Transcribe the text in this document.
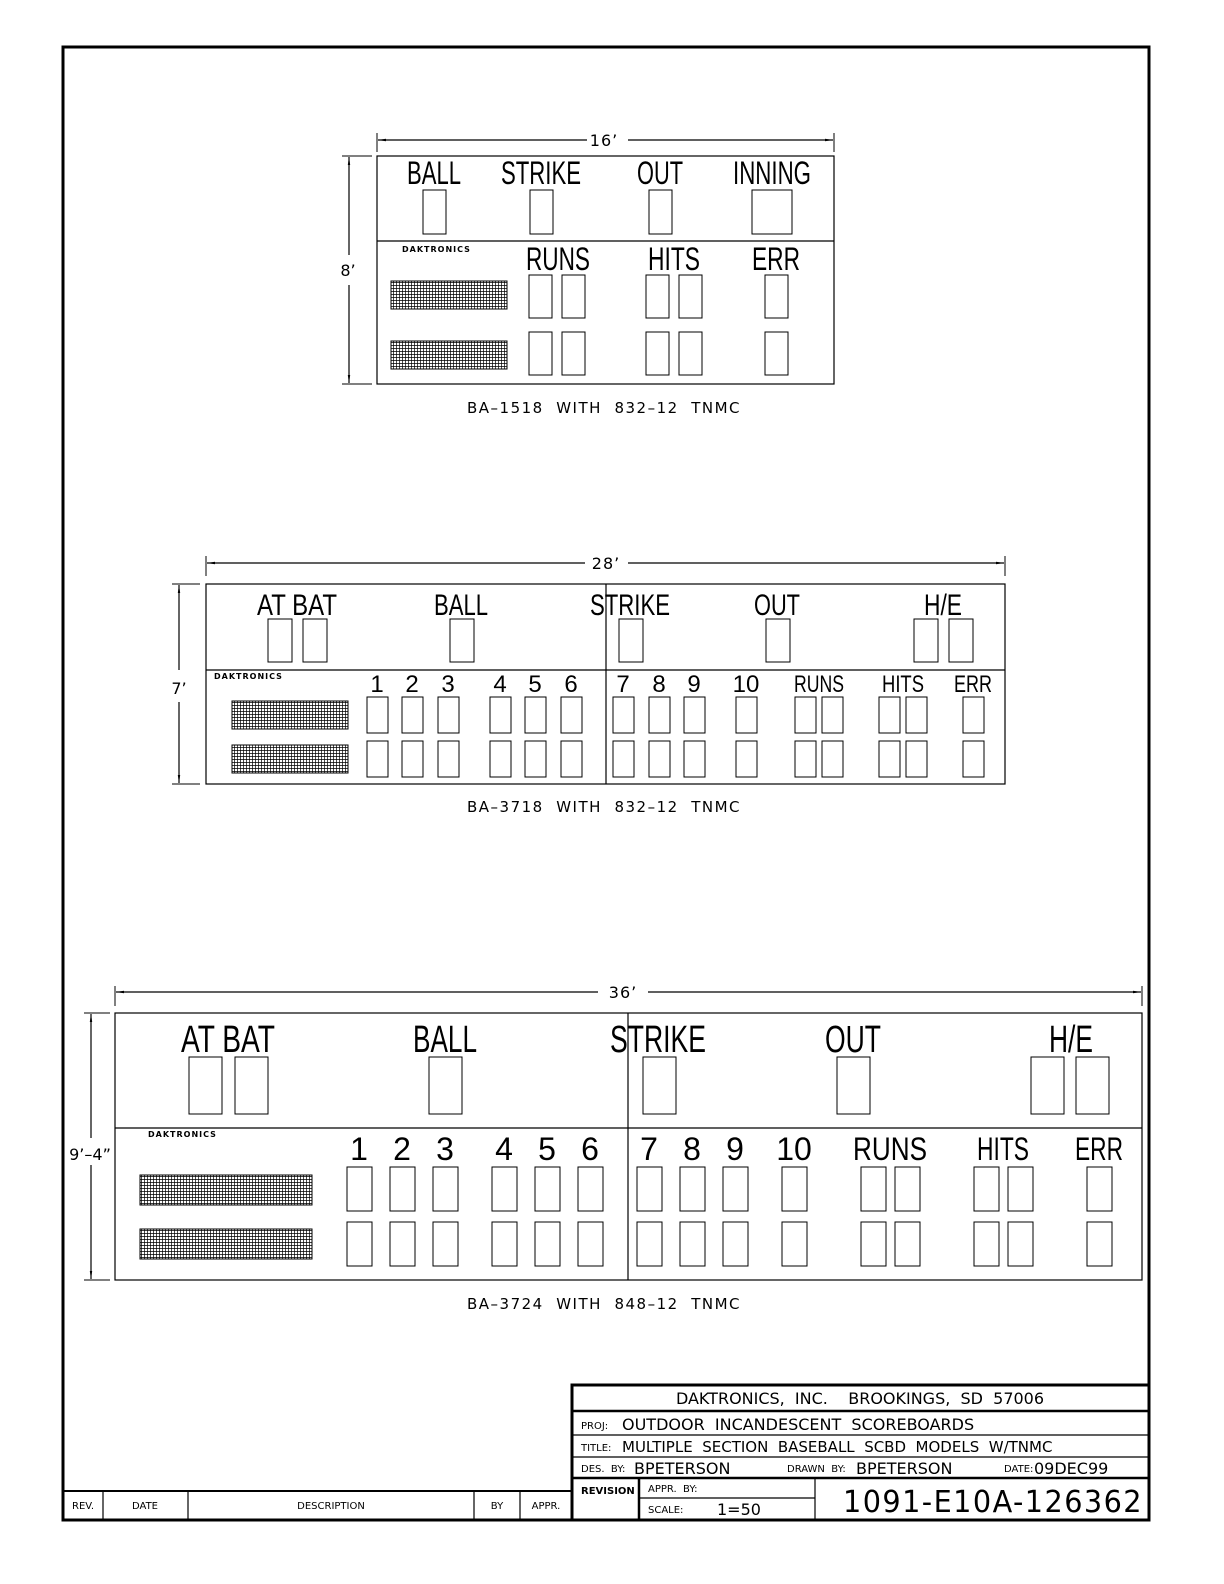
16’
8’
BALL STRIKE OUT INNING
DAKTRONICS RUNS HITS ERR
BA–1518  WITH  832–12  TNMC
28’
7’
AT BAT	BALL	STRIKE	OUT	H/E
DAKTRONICS	1 2 3 4 5 6 7 8 9 10 RUNS HITS ERR
BA–3718  WITH  832–12  TNMC
36’
9’–4”
AT BAT	BALL	STRIKE	OUT	H/E
DAKTRONICS	1 2 3 4 5 6 7 8 9 10 RUNS HITS ERR
BA–3724  WITH  848–12  TNMC
DAKTRONICS,  INC.    BROOKINGS,  SD  57006
PROJ: OUTDOOR  INCANDESCENT  SCOREBOARDS
TITLE: MULTIPLE  SECTION  BASEBALL  SCBD  MODELS  W/TNMC
DES.  BY: BPETERSON	DRAWN  BY: BPETERSON	DATE: 09DEC99
REVISION APPR.  BY:
SCALE: 1=50	1091-E10A-126362
REV.	DATE	DESCRIPTION	BY	APPR.
